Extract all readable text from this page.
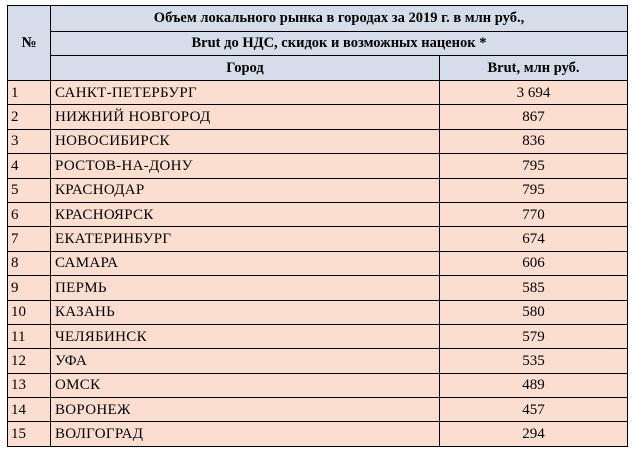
№	Объем локального рынка в городах за 2019 г. в млн руб.,	
	Brut до НДС, скидок и возможных наценок *	
	Город	Brut, млн руб.
1	САНКТ-ПЕТЕРБУРГ	3 694
2	НИЖНИЙ НОВГОРОД	867
3	НОВОСИБИРСК	836
4	РОСТОВ-НА-ДОНУ	795
5	КРАСНОДАР	795
6	КРАСНОЯРСК	770
7	ЕКАТЕРИНБУРГ	674
8	САМАРА	606
9	ПЕРМЬ	585
10	КАЗАНЬ	580
11	ЧЕЛЯБИНСК	579
12	УФА	535
13	ОМСК	489
14	ВОРОНЕЖ	457
15	ВОЛГОГРАД	294
